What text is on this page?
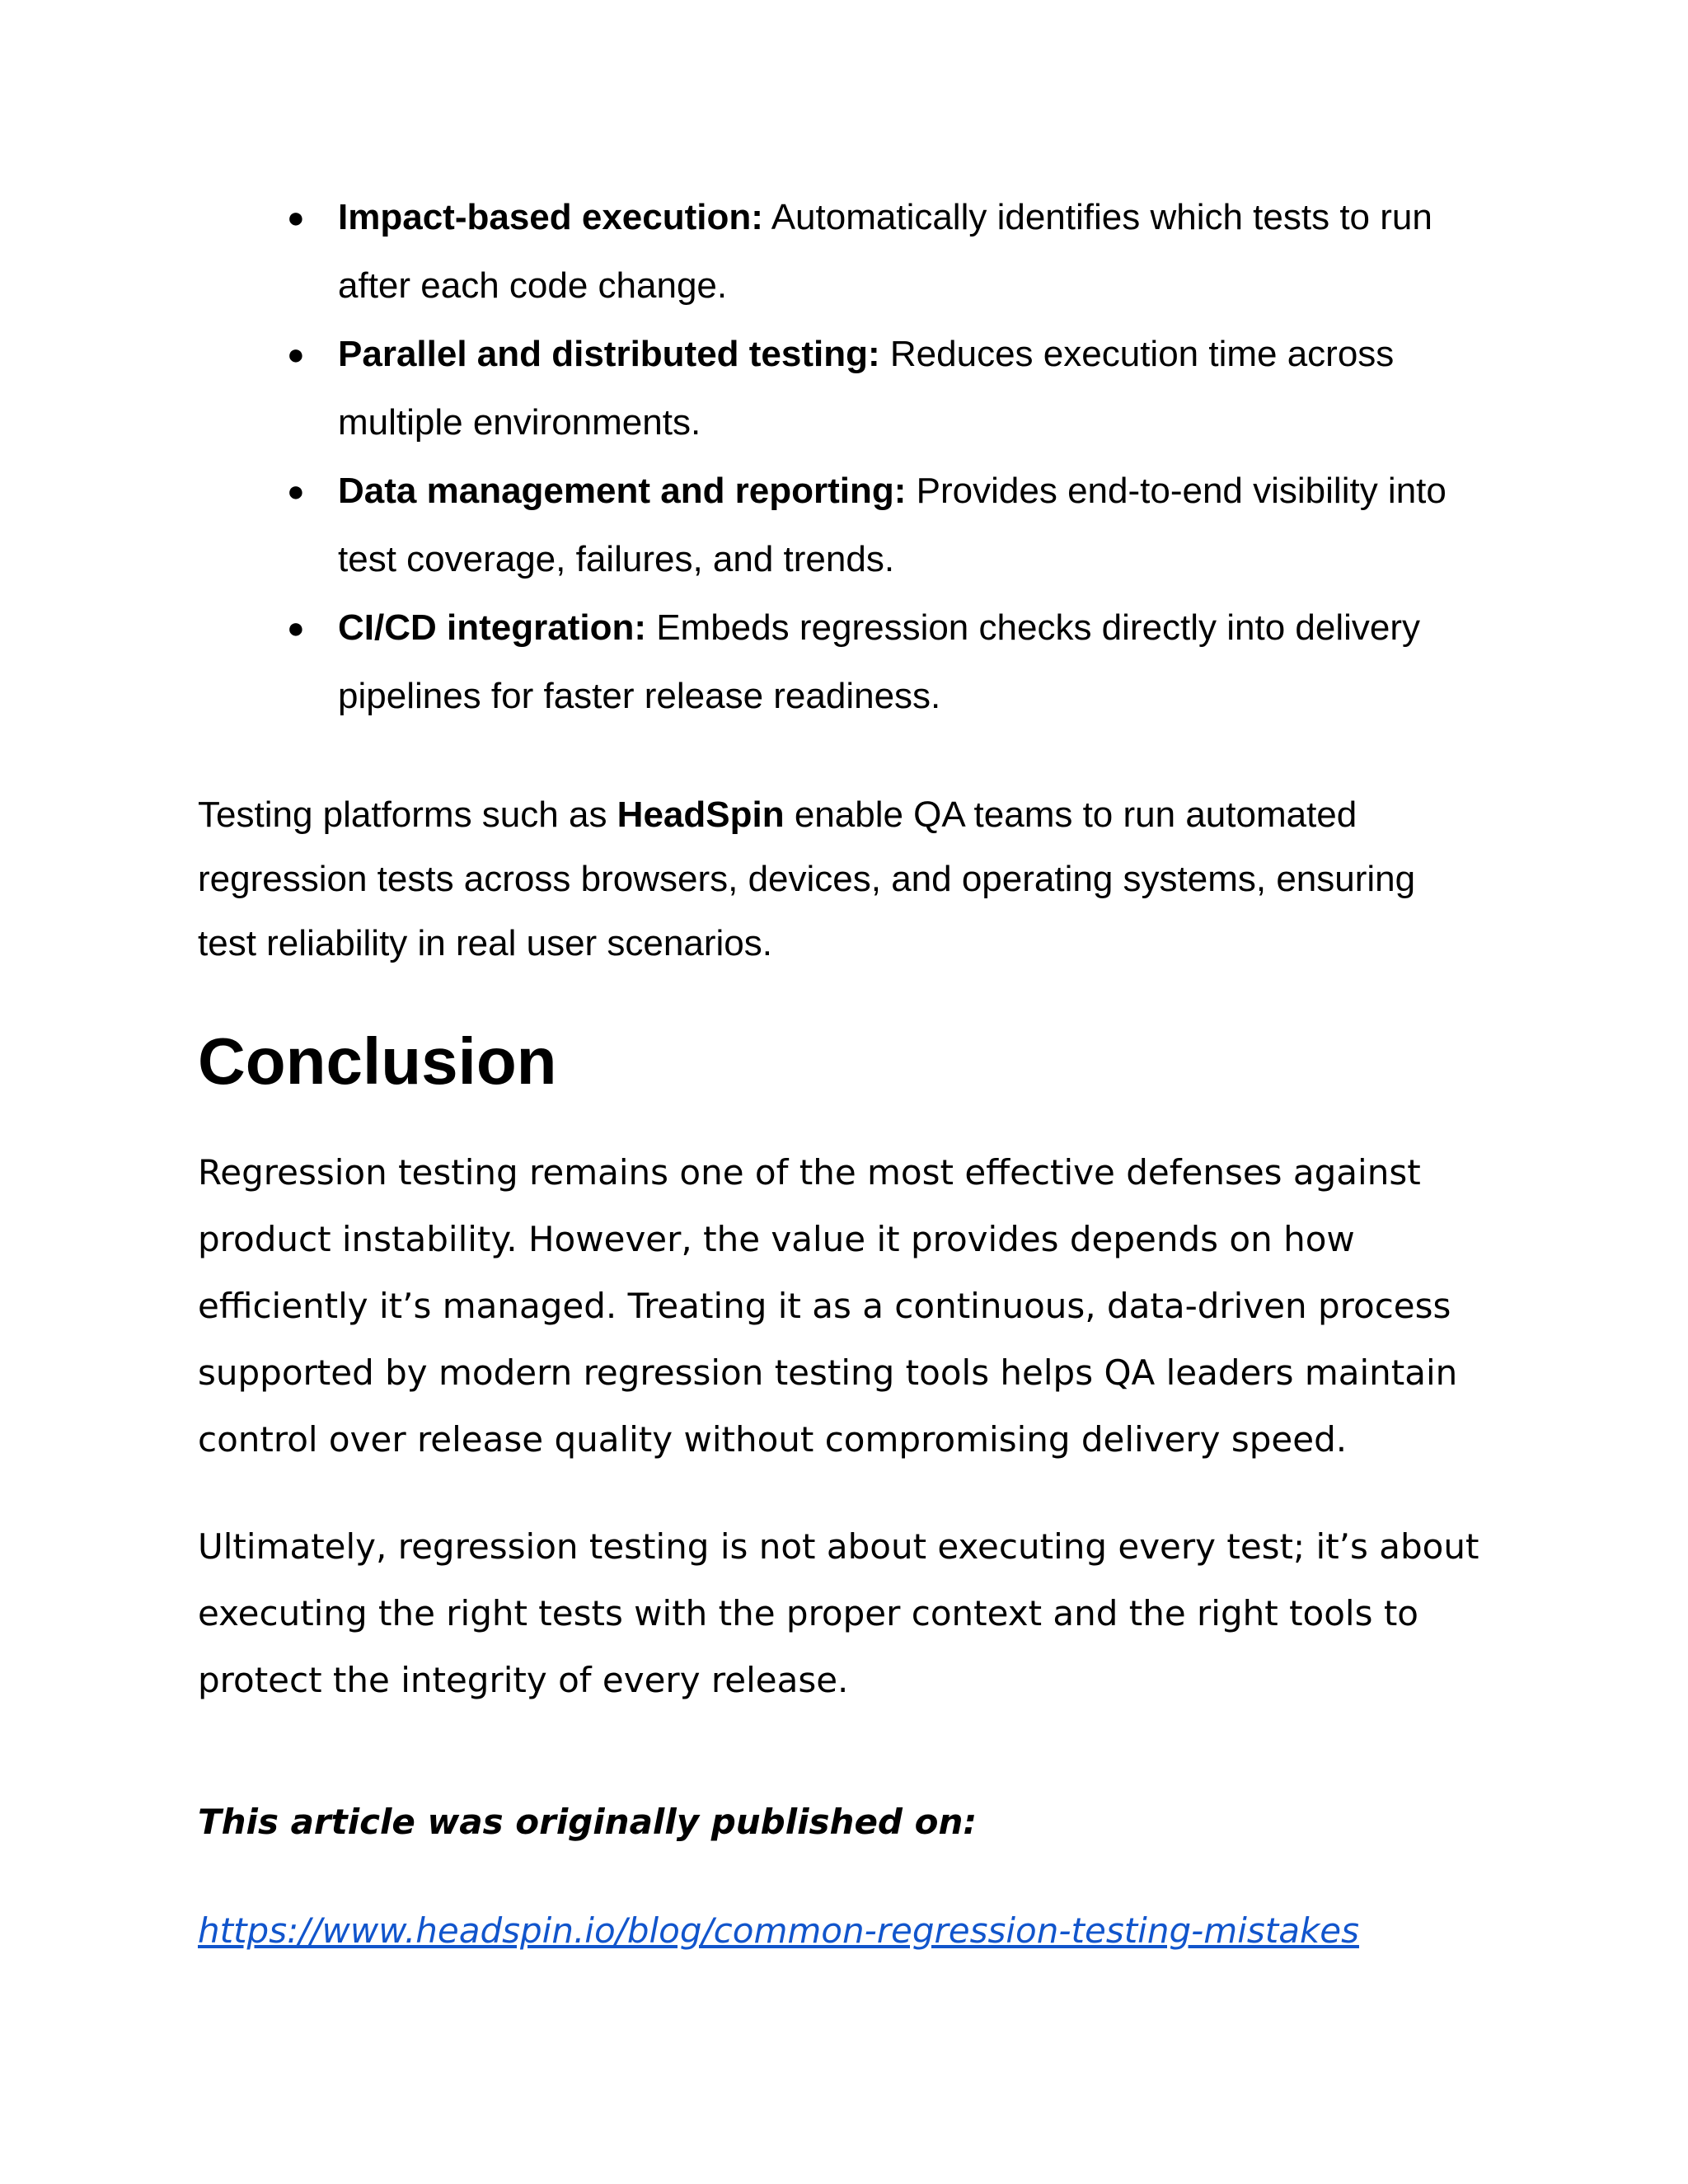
● Impact-based execution: Automatically identifies which tests to run after each code change.
● Parallel and distributed testing: Reduces execution time across multiple environments.
● Data management and reporting: Provides end-to-end visibility into test coverage, failures, and trends.
● CI/CD integration: Embeds regression checks directly into delivery pipelines for faster release readiness.

Testing platforms such as HeadSpin enable QA teams to run automated regression tests across browsers, devices, and operating systems, ensuring test reliability in real user scenarios.

Conclusion

Regression testing remains one of the most effective defenses against product instability. However, the value it provides depends on how efficiently it’s managed. Treating it as a continuous, data-driven process supported by modern regression testing tools helps QA leaders maintain control over release quality without compromising delivery speed.

Ultimately, regression testing is not about executing every test; it’s about executing the right tests with the proper context and the right tools to protect the integrity of every release.

This article was originally published on:

https://www.headspin.io/blog/common-regression-testing-mistakes
